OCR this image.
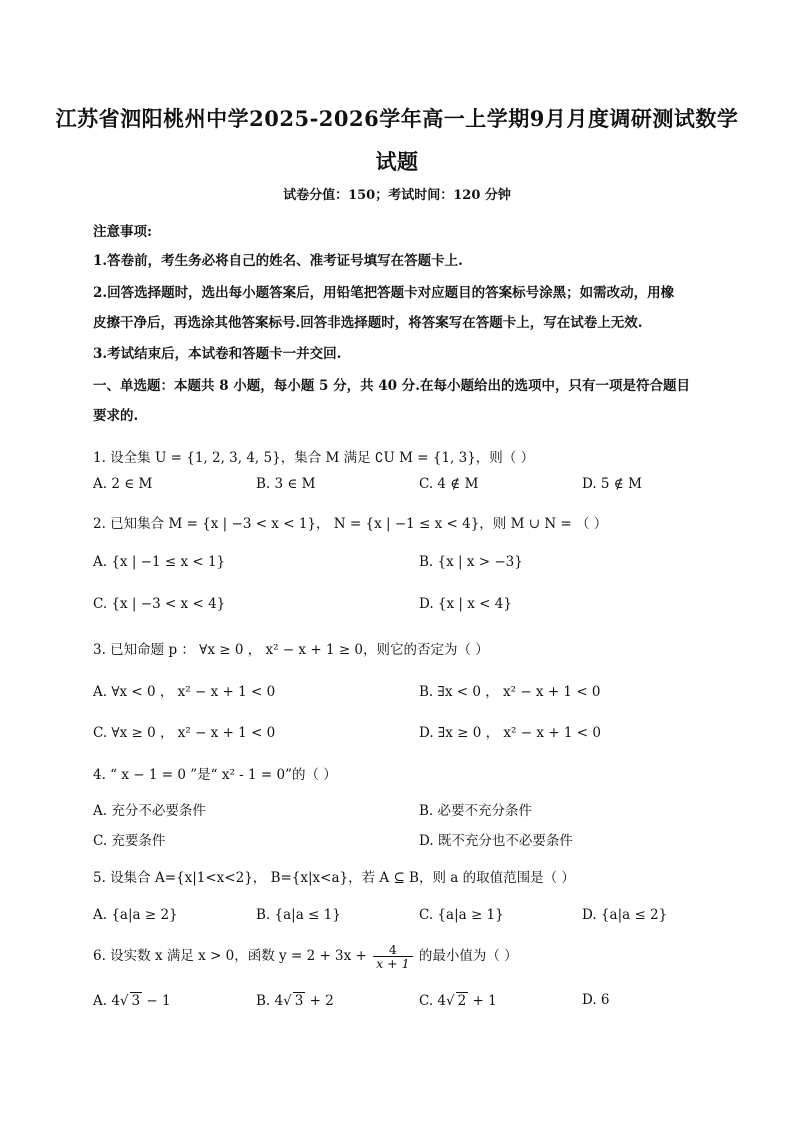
江苏省泗阳桃州中学2025-2026学年高一上学期9月月度调研测试数学
试题
试卷分值：150；考试时间：120 分钟
注意事项:
1.答卷前，考生务必将自己的姓名、准考证号填写在答题卡上.
2.回答选择题时，选出每小题答案后，用铅笔把答题卡对应题目的答案标号涂黑；如需改动，用橡
皮擦干净后，再选涂其他答案标号.回答非选择题时，将答案写在答题卡上，写在试卷上无效.
3.考试结束后，本试卷和答题卡一并交回.
一、单选题：本题共 8 小题，每小题 5 分，共 40 分.在每小题给出的选项中，只有一项是符合题目
要求的.
1. 设全集 U = {1, 2, 3, 4, 5}，集合 M 满足 ∁U M = {1, 3}，则（ ）
A. 2 ∈ M	B. 3 ∈ M	C. 4 ∉ M	D. 5 ∉ M
2. 已知集合 M = {x | −3 < x < 1}， N = {x | −1 ≤ x < 4}，则 M ∪ N = （ ）
A. {x | −1 ≤ x < 1}	B. {x | x > −3}
C. {x | −3 < x < 4}	D. {x | x < 4}
3. 已知命题 p ： ∀x ≥ 0 ， x² − x + 1 ≥ 0，则它的否定为（ ）
A. ∀x < 0 ， x² − x + 1 < 0	B. ∃x < 0 ， x² − x + 1 < 0
C. ∀x ≥ 0 ， x² − x + 1 < 0	D. ∃x ≥ 0 ， x² − x + 1 < 0
4. “ x − 1 = 0 ”是“ x² - 1 = 0”的（ ）
A. 充分不必要条件	B. 必要不充分条件
C. 充要条件	D. 既不充分也不必要条件
5. 设集合 A={x|1<x<2}， B={x|x<a}，若 A ⊆ B，则 a 的取值范围是（ ）
A. {a|a ≥ 2}	B. {a|a ≤ 1}	C. {a|a ≥ 1}	D. {a|a ≤ 2}
6. 设实数 x 满足 x > 0，函数 $y = 2 + 3x + \frac{4}{x + 1}$ 的最小值为（ ）
A. 4√ 3 − 1	B. 4√ 3 + 2	C. 4√ 2 + 1	D. 6
